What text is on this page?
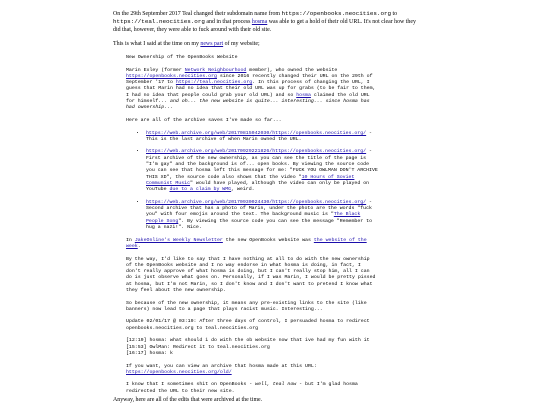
On the 29th September 2017 Teal changed their subdomain name from https://openbooks.neocities.org to https://teal.neocities.org and in that process hosma was able to get a hold of their old URL. It's not clear how they did that, however, they were able to fuck around with their old site.

This is what I said at the time on my news part of my website;

New Ownership of The OpenBooks Website
Marin Exley (former Network Neighbourhood member), who owned the website
https://openbooks.neocities.org since 2016 recently changed their URL on the 29th of
September '17 to https://teal.neocities.org. In this process of changing the URL, I
guess that Marin had no idea that their old URL was up for grabs (to be fair to them,
I had no idea that people could grab your old URL) and so hosma claimed the old URL
for himself... and oh... the new website is quite... interesting... since hosma has
had ownership...
Here are all of the archive saves I've made so far...
• https://web.archive.org/web/20170815042030/https://openbooks.neocities.org/ -
This is the last archive of when Marin owned the URL.
• https://web.archive.org/web/20170929221826/https://openbooks.neocities.org/ -
First archive of the new ownership, as you can see the title of the page is
"I'm gay" and the background is of... open books. By viewing the source code
you can see that hosma left this message for me: "FUCK YOU OWLMAN DON'T ARCHIVE
THIS XD", the source code also shows that the video "10 Hours of Soviet
Communist Music" would have played, although the video can only be played on
YouTube due to a claim by WMG, weird.
• https://web.archive.org/web/20170930024430/https://openbooks.neocities.org/ -
Second archive that has a photo of Marin, under the photo are the words "fuck
you" with four emojis around the text. The background music is "The Black
People Song". By viewing the source code you can see the message "Remember to
hug a nazi!". Nice.
In JakeOnline's Weekly Newsletter the new OpenBooks website was the website of the
week.
By the way, I'd like to say that I have nothing at all to do with the new ownership
of the OpenBooks website and I no way endorse in what hosma is doing, in fact, I
don't really approve of what hosma is doing, but I can't really stop him, all I can
do is just observe what goes on. Personally, if I was Marin, I would be pretty pissed
at hosma, but I'm not Marin, so I don't know and I don't want to pretend I know what
they feel about the new ownership.
So because of the new ownership, it means any pre-existing links to the site (like
banners) now lead to a page that plays racist music. Interesting...
Update 02/01/17 @ 03:19: After three days of control, I persuaded hosma to redirect
openbooks.neocities.org to teal.neocities.org
[12:19] hosma: what should i do with the ob website now that ive had my fun with it
[15:53] OwlMan: Redirect it to teal.neocities.org
[16:17] hosma: k
If you want, you can view an archive that hosma made at this URL:
https://openbooks.neocities.org/old/
I know that I sometimes shit on OpenBooks - well, teal now - but I'm glad hosma
redirected the URL to their new site.

Anyway, here are all of the edits that were archived at the time.
